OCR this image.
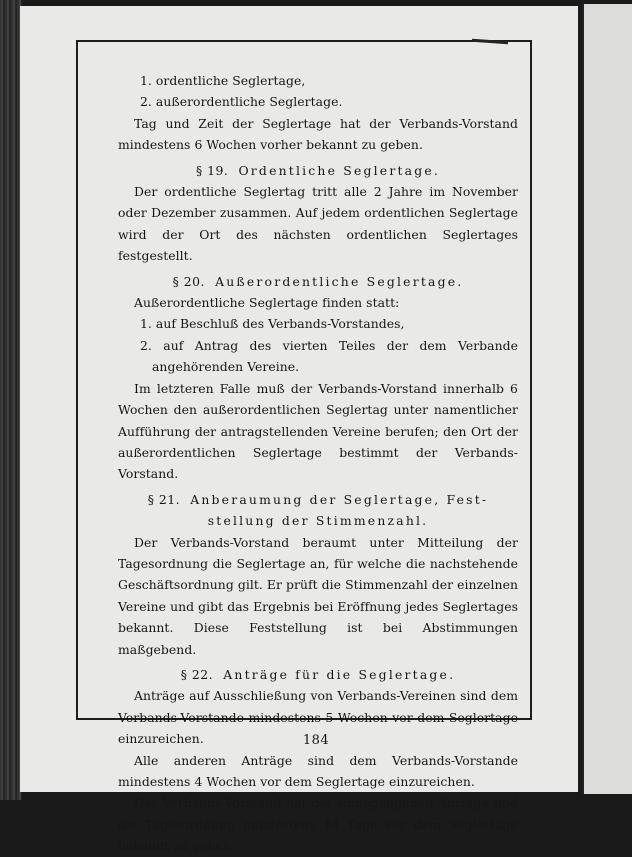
1. ordentliche Seglertage,

2. außerordentliche Seglertage.

Tag und Zeit der Seglertage hat der Verbands-Vorstand mindestens 6 Wochen vorher bekannt zu geben.

§ 19. Ordentliche Seglertage.

Der ordentliche Seglertag tritt alle 2 Jahre im November oder Dezember zusammen. Auf jedem ordentlichen Seglertage wird der Ort des nächsten ordentlichen Seglertages festgestellt.

§ 20. Außerordentliche Seglertage.

Außerordentliche Seglertage finden statt:

1. auf Beschluß des Verbands-Vorstandes,

2. auf Antrag des vierten Teiles der dem Verbande angehörenden Vereine.

Im letzteren Falle muß der Verbands-Vorstand innerhalb 6 Wochen den außerordentlichen Seglertag unter namentlicher Aufführung der antragstellenden Vereine berufen; den Ort der außerordentlichen Seglertage bestimmt der Verbands-Vorstand.

§ 21. Anberaumung der Seglertage, Fest-

stellung der Stimmenzahl.

Der Verbands-Vorstand beraumt unter Mitteilung der Tagesordnung die Seglertage an, für welche die nachstehende Geschäftsordnung gilt. Er prüft die Stimmenzahl der einzelnen Vereine und gibt das Ergebnis bei Eröffnung jedes Seglertages bekannt. Diese Feststellung ist bei Abstimmungen maßgebend.

§ 22. Anträge für die Seglertage.

Anträge auf Ausschließung von Verbands-Vereinen sind dem Verbands-Vorstande mindestens 5 Wochen vor dem Seglertage einzureichen.

Alle anderen Anträge sind dem Verbands-Vorstande mindestens 4 Wochen vor dem Seglertage einzureichen.

Der Verbands-Vorstand hat die eingegangenen Anträge und die Tagesordnung mindestens 14 Tage vor dem Seglertage bekannt zu geben.

184
